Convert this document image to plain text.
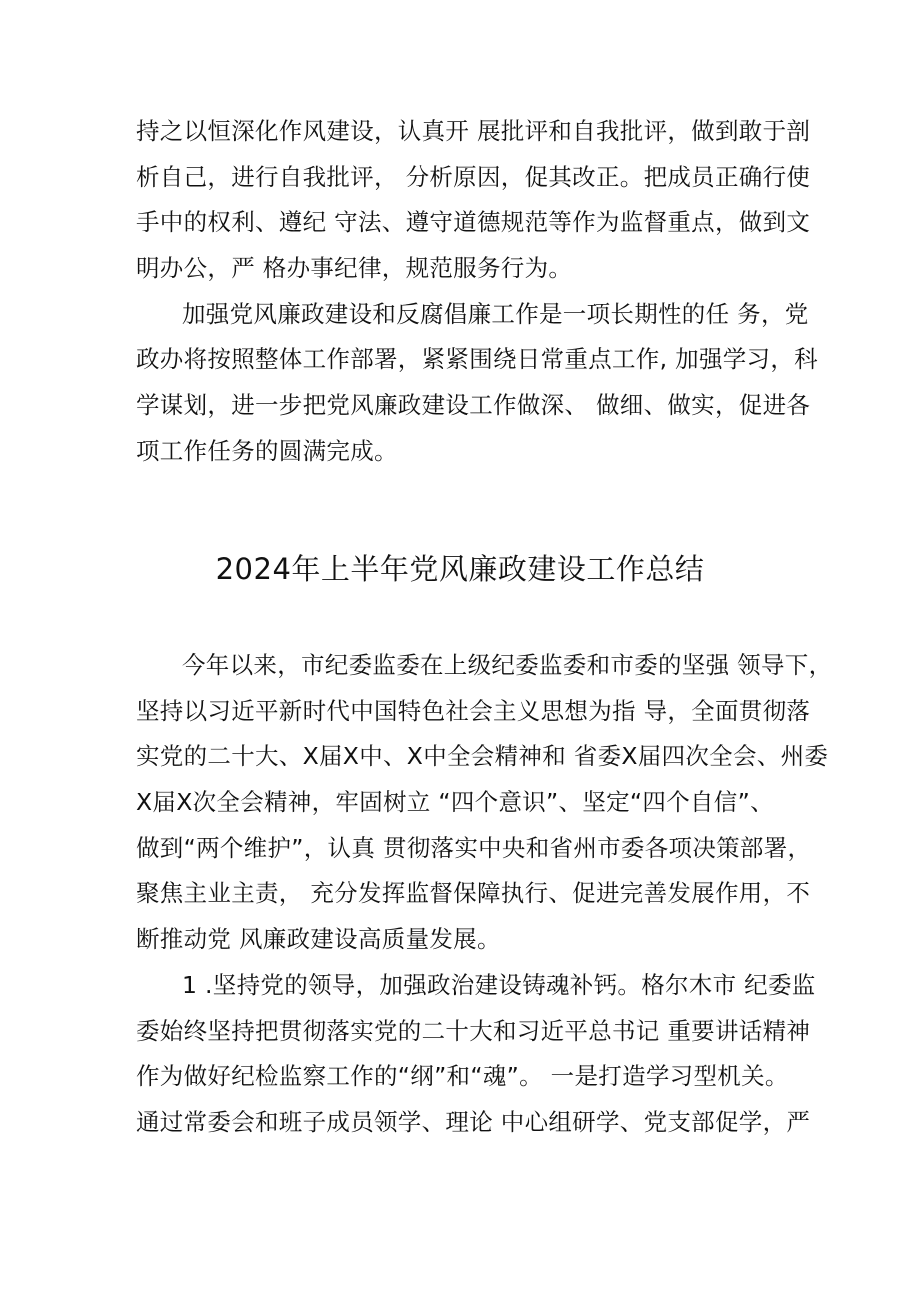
持之以恒深化作风建设，认真开 展批评和自我批评，做到敢于剖
析自己，进行自我批评， 分析原因，促其改正。把成员正确行使
手中的权利、遵纪 守法、遵守道德规范等作为监督重点，做到文
明办公，严 格办事纪律，规范服务行为。
加强党风廉政建设和反腐倡廉工作是一项长期性的任 务，党
政办将按照整体工作部署，紧紧围绕日常重点工作, 加强学习，科
学谋划，进一步把党风廉政建设工作做深、 做细、做实，促进各
项工作任务的圆满完成。
2024年上半年党风廉政建设工作总结
今年以来，市纪委监委在上级纪委监委和市委的坚强 领导下，
坚持以习近平新时代中国特色社会主义思想为指 导，全面贯彻落
实党的二十大、X届X中、X中全会精神和 省委X届四次全会、州委
X届X次全会精神，牢固树立 “四个意识”、坚定“四个自信”、
做到“两个维护”，认真 贯彻落实中央和省州市委各项决策部署，
聚焦主业主责， 充分发挥监督保障执行、促进完善发展作用，不
断推动党 风廉政建设高质量发展。
1 .坚持党的领导，加强政治建设铸魂补钙。格尔木市 纪委监
委始终坚持把贯彻落实党的二十大和习近平总书记 重要讲话精神
作为做好纪检监察工作的“纲”和“魂”。 一是打造学习型机关。
通过常委会和班子成员领学、理论 中心组研学、党支部促学，严
